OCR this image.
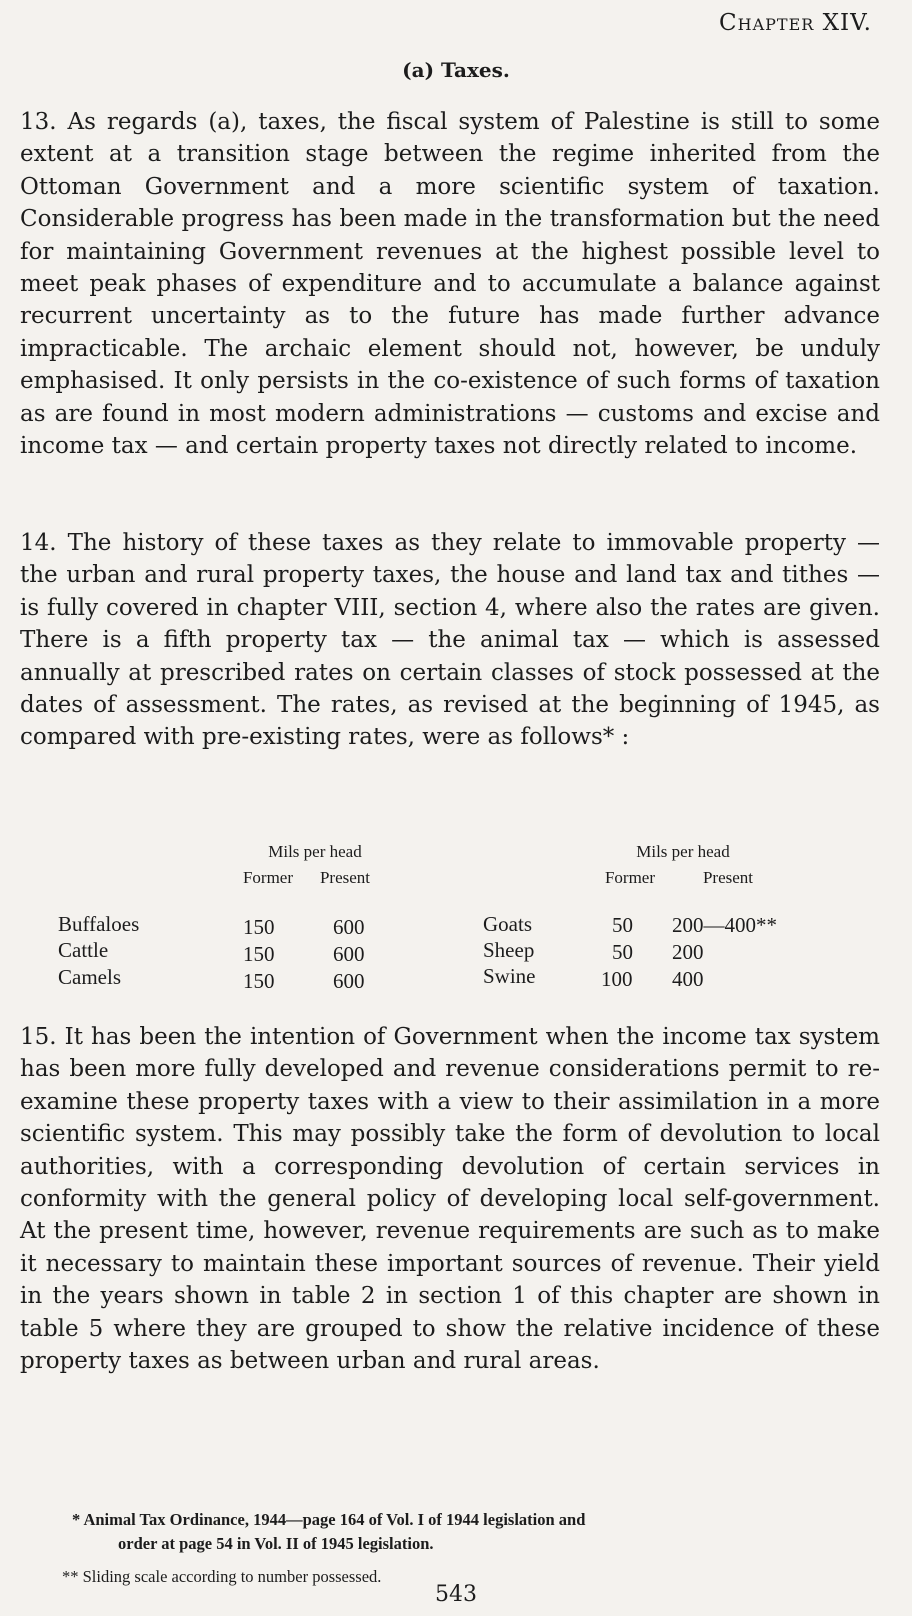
Chapter XIV.
(a) Taxes.

13. As regards (a), taxes, the fiscal system of Palestine is still to some extent at a transition stage between the regime inherited from the Ottoman Government and a more scientific system of taxation. Considerable progress has been made in the transformation but the need for maintaining Government revenues at the highest possible level to meet peak phases of expenditure and to accumulate a balance against recurrent uncertainty as to the future has made further advance impracticable. The archaic element should not, however, be unduly emphasised. It only persists in the co-existence of such forms of taxation as are found in most modern administrations — customs and excise and income tax — and certain property taxes not directly related to income.

14. The history of these taxes as they relate to immovable property — the urban and rural property taxes, the house and land tax and tithes — is fully covered in chapter VIII, section 4, where also the rates are given. There is a fifth property tax — the animal tax — which is assessed annually at prescribed rates on certain classes of stock possessed at the dates of assessment. The rates, as revised at the beginning of 1945, as compared with pre-existing rates, were as follows* :

Mils per head
Former	Present
Mils per head
Former	Present
Buffaloes	150	600
Cattle	150	600
Camels	150	600
Goats	50 200—400**
Sheep	50 200
Swine	100 400

15. It has been the intention of Government when the income tax system has been more fully developed and revenue considerations permit to re-examine these property taxes with a view to their assimilation in a more scientific system. This may possibly take the form of devolution to local authorities, with a corresponding devolution of certain services in conformity with the general policy of developing local self-government. At the present time, however, revenue requirements are such as to make it necessary to maintain these important sources of revenue. Their yield in the years shown in table 2 in section 1 of this chapter are shown in table 5 where they are grouped to show the relative incidence of these property taxes as between urban and rural areas.

* Animal Tax Ordinance, 1944—page 164 of Vol. I of 1944 legislation and
order at page 54 in Vol. II of 1945 legislation.
** Sliding scale according to number possessed.
543
